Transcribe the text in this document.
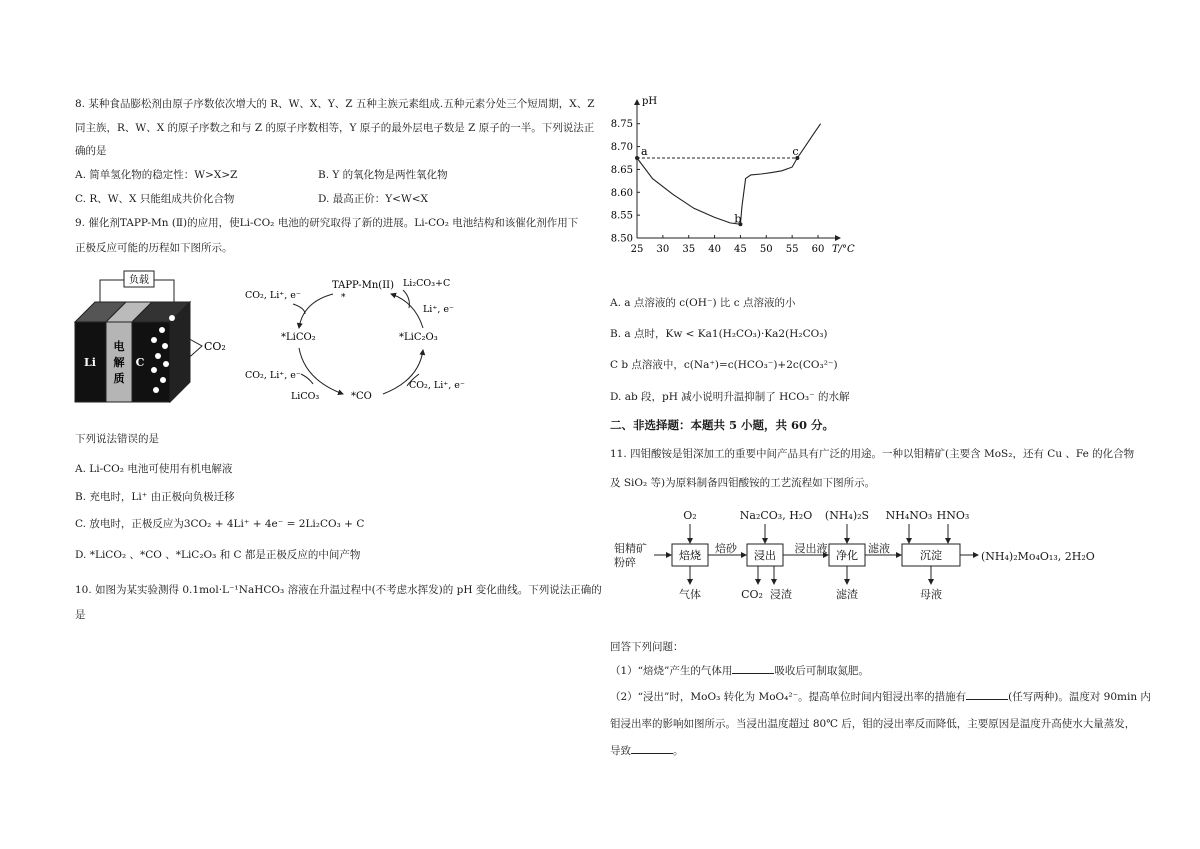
8. 某种食品膨松剂由原子序数依次增大的 R、W、X、Y、Z 五种主族元素组成.五种元素分处三个短周期，X、Z
同主族，R、W、X 的原子序数之和与 Z 的原子序数相等，Y 原子的最外层电子数是 Z 原子的一半。下列说法正
确的是
A. 简单氢化物的稳定性：W>X>Z	B. Y 的氧化物是两性氧化物
C. R、W、X 只能组成共价化合物	D. 最高正价：Y<W<X
9. 催化剂TAPP-Mn (Ⅱ)的应用，使Li-CO₂ 电池的研究取得了新的进展。Li-CO₂ 电池结构和该催化剂作用下
正极反应可能的历程如下图所示。
负载
Li
电
解
质
C
CO₂
TAPP-Mn(II)
*
CO₂, Li⁺, e⁻
Li₂CO₃+C
Li⁺, e⁻
*LiCO₂	*LiC₂O₃
CO₂, Li⁺, e⁻
LiCO₃	*CO
CO₂, Li⁺, e⁻
下列说法错误的是
A. Li-CO₂ 电池可使用有机电解液
B. 充电时，Li⁺ 由正极向负极迁移
C. 放电时，正极反应为3CO₂ + 4Li⁺ + 4e⁻ = 2Li₂CO₃ + C
D. *LiCO₂ 、*CO 、*LiC₂O₃ 和 C 都是正极反应的中间产物
10. 如图为某实验测得 0.1mol·L⁻¹NaHCO₃ 溶液在升温过程中(不考虑水挥发)的 pH 变化曲线。下列说法正确的
是
pH
T/°C
8.50
8.55
8.60
8.65
8.70
8.75
25 30 35 40 45 50 55 60
a
b
c
A. a 点溶液的 c(OH⁻) 比 c 点溶液的小
B. a 点时，Kw < Ka1(H₂CO₃)·Ka2(H₂CO₃)
C b 点溶液中，c(Na⁺)=c(HCO₃⁻)+2c(CO₃²⁻)
D. ab 段，pH 减小说明升温抑制了 HCO₃⁻ 的水解
二、非选择题：本题共 5 小题，共 60 分。
11. 四钼酸铵是钼深加工的重要中间产品具有广泛的用途。一种以钼精矿(主要含 MoS₂，还有 Cu 、Fe 的化合物
及 SiO₂ 等)为原料制备四钼酸铵的工艺流程如下图所示。
钼精矿
粉碎
O₂	Na₂CO₃, H₂O (NH₄)₂S NH₄NO₃ HNO₃
焙砂	浸出液	滤液
(NH₄)₂Mo₄O₁₃, 2H₂O
气体	CO₂ 浸渣	滤渣	母液
焙烧	浸出	净化	沉淀
回答下列问题：
（1）“焙烧”产生的气体用	吸收后可制取氮肥。
（2）“浸出”时，MoO₃ 转化为 MoO₄²⁻。提高单位时间内钼浸出率的措施有	(任写两种)。温度对 90min 内
钼浸出率的影响如图所示。当浸出温度超过 80℃ 后，钼的浸出率反而降低，主要原因是温度升高使水大量蒸发，
导致	。
